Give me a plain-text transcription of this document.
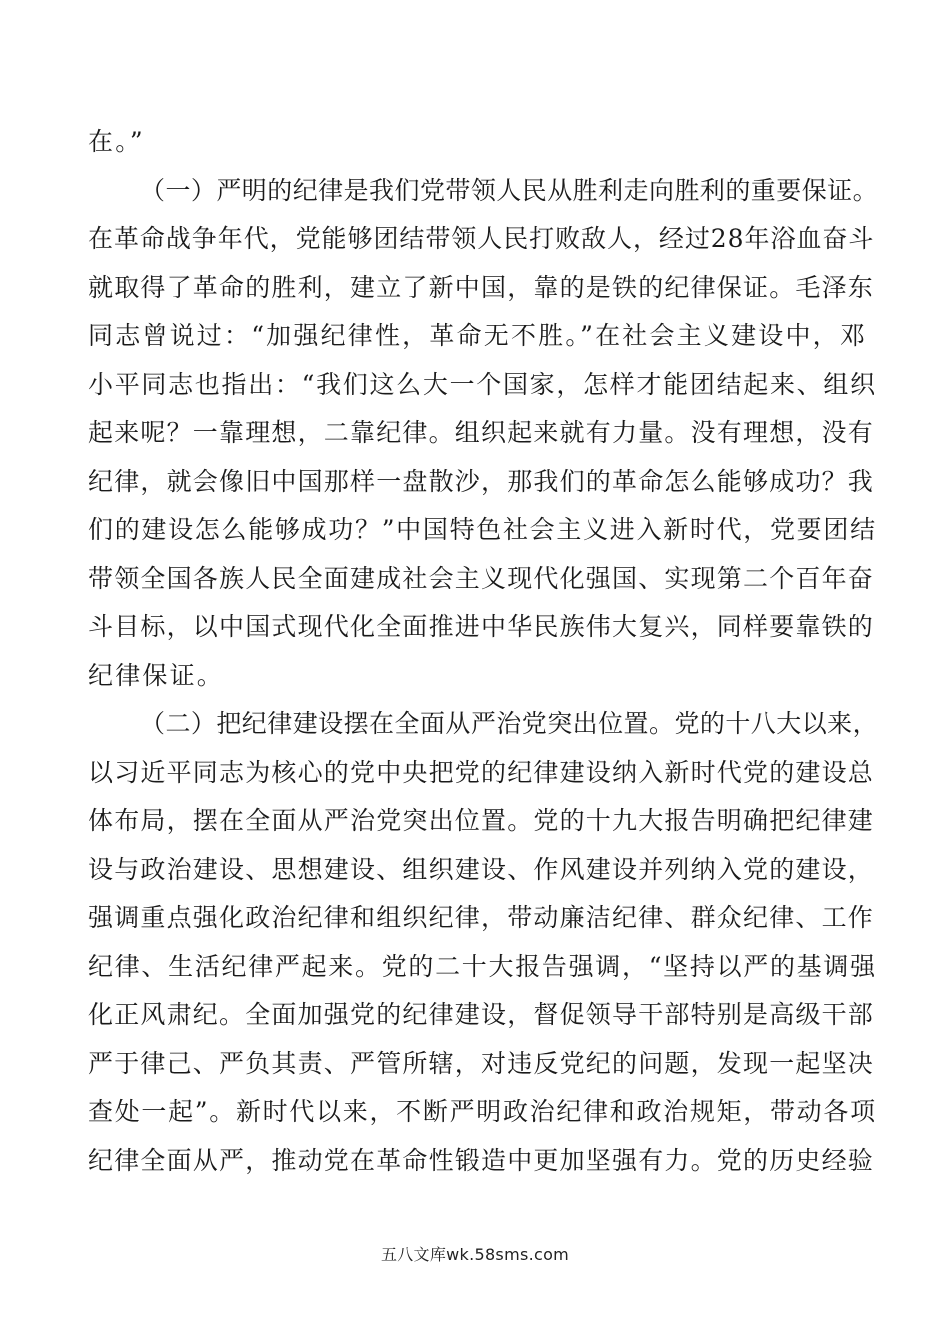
在。”
（一）严明的纪律是我们党带领人民从胜利走向胜利的重要保证。
在革命战争年代，党能够团结带领人民打败敌人，经过28年浴血奋斗
就取得了革命的胜利，建立了新中国，靠的是铁的纪律保证。毛泽东
同志曾说过：“加强纪律性，革命无不胜。”在社会主义建设中，邓
小平同志也指出：“我们这么大一个国家，怎样才能团结起来、组织
起来呢？一靠理想，二靠纪律。组织起来就有力量。没有理想，没有
纪律，就会像旧中国那样一盘散沙，那我们的革命怎么能够成功？我
们的建设怎么能够成功？”中国特色社会主义进入新时代，党要团结
带领全国各族人民全面建成社会主义现代化强国、实现第二个百年奋
斗目标，以中国式现代化全面推进中华民族伟大复兴，同样要靠铁的
纪律保证。
（二）把纪律建设摆在全面从严治党突出位置。党的十八大以来，
以习近平同志为核心的党中央把党的纪律建设纳入新时代党的建设总
体布局，摆在全面从严治党突出位置。党的十九大报告明确把纪律建
设与政治建设、思想建设、组织建设、作风建设并列纳入党的建设，
强调重点强化政治纪律和组织纪律，带动廉洁纪律、群众纪律、工作
纪律、生活纪律严起来。党的二十大报告强调，“坚持以严的基调强
化正风肃纪。全面加强党的纪律建设，督促领导干部特别是高级干部
严于律己、严负其责、严管所辖，对违反党纪的问题，发现一起坚决
查处一起”。新时代以来，不断严明政治纪律和政治规矩，带动各项
纪律全面从严，推动党在革命性锻造中更加坚强有力。党的历史经验
五八文库wk.58sms.com
